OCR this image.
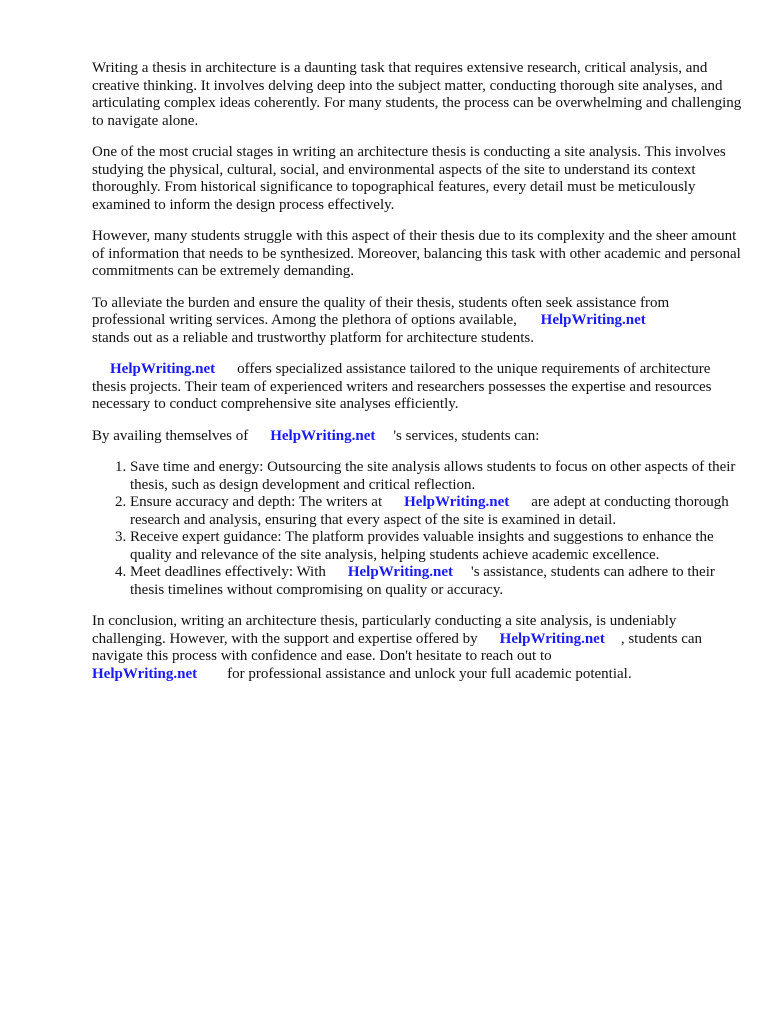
Writing a thesis in architecture is a daunting task that requires extensive research, critical analysis, and creative thinking. It involves delving deep into the subject matter, conducting thorough site analyses, and articulating complex ideas coherently. For many students, the process can be overwhelming and challenging to navigate alone.

One of the most crucial stages in writing an architecture thesis is conducting a site analysis. This involves studying the physical, cultural, social, and environmental aspects of the site to understand its context thoroughly. From historical significance to topographical features, every detail must be meticulously examined to inform the design process effectively.

However, many students struggle with this aspect of their thesis due to its complexity and the sheer amount of information that needs to be synthesized. Moreover, balancing this task with other academic and personal commitments can be extremely demanding.

To alleviate the burden and ensure the quality of their thesis, students often seek assistance from professional writing services. Among the plethora of options available, HelpWriting.net
stands out as a reliable and trustworthy platform for architecture students.

HelpWriting.net offers specialized assistance tailored to the unique requirements of architecture thesis projects. Their team of experienced writers and researchers possesses the expertise and resources necessary to conduct comprehensive site analyses efficiently.

By availing themselves of HelpWriting.net 's services, students can:

1. Save time and energy: Outsourcing the site analysis allows students to focus on other aspects of their thesis, such as design development and critical reflection.
2. Ensure accuracy and depth: The writers at HelpWriting.net are adept at conducting thorough research and analysis, ensuring that every aspect of the site is examined in detail.
3. Receive expert guidance: The platform provides valuable insights and suggestions to enhance the quality and relevance of the site analysis, helping students achieve academic excellence.
4. Meet deadlines effectively: With HelpWriting.net 's assistance, students can adhere to their thesis timelines without compromising on quality or accuracy.

In conclusion, writing an architecture thesis, particularly conducting a site analysis, is undeniably challenging. However, with the support and expertise offered by HelpWriting.net , students can navigate this process with confidence and ease. Don't hesitate to reach out to
HelpWriting.net for professional assistance and unlock your full academic potential.
